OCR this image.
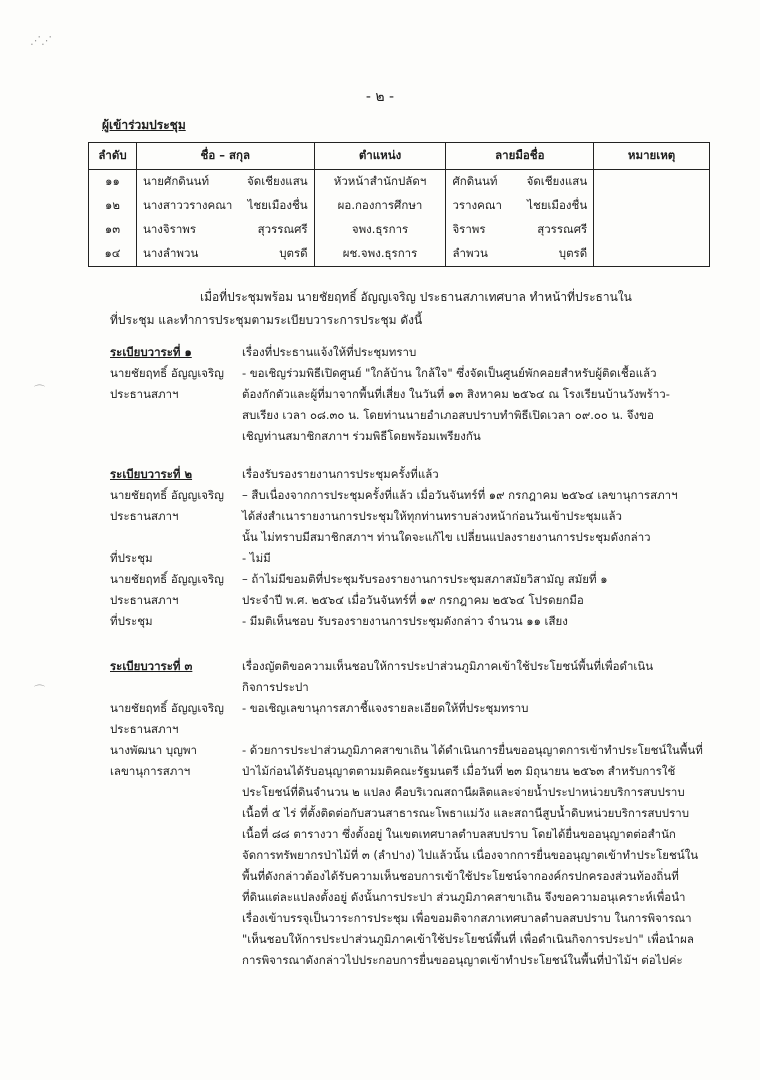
⋰⋰
⌒
⌒
- ๒ -
ผู้เข้าร่วมประชุม
ลำดับ	ชื่อ – สกุล	ตำแหน่ง	ลายมือชื่อ	หมายเหตุ
๑๑	นายศักดินนท์ จัดเชียงแสน	หัวหน้าสำนักปลัดฯ	ศักดินนท์ จัดเชียงแสน	

๑๒	นางสาววรางคณา ไชยเมืองชื่น	ผอ.กองการศึกษา	วรางคณา ไชยเมืองชื่น	

๑๓	นางจิราพร สุวรรณศรี	จพง.ธุรการ	จิราพร สุวรรณศรี	

๑๔	นางลำพวน บุตรดี	ผช.จพง.ธุรการ	ลำพวน บุตรดี	

เมื่อที่ประชุมพร้อม นายชัยฤทธิ์ อัญญเจริญ ประธานสภาเทศบาล ทำหน้าที่ประธานใน
ที่ประชุม และทำการประชุมตามระเบียบวาระการประชุม ดังนี้
ระเบียบวาระที่ ๑	เรื่องที่ประธานแจ้งให้ที่ประชุมทราบ
นายชัยฤทธิ์ อัญญเจริญ	- ขอเชิญร่วมพิธีเปิดศูนย์ "ใกล้บ้าน ใกล้ใจ" ซึ่งจัดเป็นศูนย์พักคอยสำหรับผู้ติดเชื้อแล้ว
ประธานสภาฯ	ต้องกักตัวและผู้ที่มาจากพื้นที่เสี่ยง ในวันที่ ๑๓ สิงหาคม ๒๕๖๔ ณ โรงเรียนบ้านวังพร้าว-
สบเรียง เวลา ๐๘.๓๐ น. โดยท่านนายอำเภอสบปราบทำพิธีเปิดเวลา ๐๙.๐๐ น. จึงขอ
เชิญท่านสมาชิกสภาฯ ร่วมพิธีโดยพร้อมเพรียงกัน
ระเบียบวาระที่ ๒	เรื่องรับรองรายงานการประชุมครั้งที่แล้ว
นายชัยฤทธิ์ อัญญเจริญ	– สืบเนื่องจากการประชุมครั้งที่แล้ว เมื่อวันจันทร์ที่ ๑๙ กรกฎาคม ๒๕๖๔ เลขานุการสภาฯ
ประธานสภาฯ	ได้ส่งสำเนารายงานการประชุมให้ทุกท่านทราบล่วงหน้าก่อนวันเข้าประชุมแล้ว
นั้น ไม่ทราบมีสมาชิกสภาฯ ท่านใดจะแก้ไข เปลี่ยนแปลงรายงานการประชุมดังกล่าว
ที่ประชุม	- ไม่มี
นายชัยฤทธิ์ อัญญเจริญ	– ถ้าไม่มีขอมติที่ประชุมรับรองรายงานการประชุมสภาสมัยวิสามัญ สมัยที่ ๑
ประธานสภาฯ	ประจำปี พ.ศ. ๒๕๖๔ เมื่อวันจันทร์ที่ ๑๙ กรกฎาคม ๒๕๖๔ โปรดยกมือ
ที่ประชุม	- มีมติเห็นชอบ รับรองรายงานการประชุมดังกล่าว จำนวน ๑๑ เสียง
ระเบียบวาระที่ ๓	เรื่องญัตติขอความเห็นชอบให้การประปาส่วนภูมิภาคเข้าใช้ประโยชน์พื้นที่เพื่อดำเนิน
กิจการประปา
นายชัยฤทธิ์ อัญญเจริญ	- ขอเชิญเลขานุการสภาชี้แจงรายละเอียดให้ที่ประชุมทราบ
ประธานสภาฯ
นางพัฒนา บุญพา	- ด้วยการประปาส่วนภูมิภาคสาขาเถิน ได้ดำเนินการยื่นขออนุญาตการเข้าทำประโยชน์ในพื้นที่
เลขานุการสภาฯ	ป่าไม้ก่อนได้รับอนุญาตตามมติคณะรัฐมนตรี เมื่อวันที่ ๒๓ มิถุนายน ๒๕๖๓ สำหรับการใช้
ประโยชน์ที่ดินจำนวน ๒ แปลง คือบริเวณสถานีผลิตและจ่ายน้ำประปาหน่วยบริการสบปราบ
เนื้อที่ ๕ ไร่ ที่ตั้งติดต่อกับสวนสาธารณะโพธาแม่วัง และสถานีสูบน้ำดิบหน่วยบริการสบปราบ
เนื้อที่ ๘๘ ตารางวา ซึ่งตั้งอยู่ ในเขตเทศบาลตำบลสบปราบ โดยได้ยื่นขออนุญาตต่อสำนัก
จัดการทรัพยากรป่าไม้ที่ ๓ (ลำปาง) ไปแล้วนั้น เนื่องจากการยื่นขออนุญาตเข้าทำประโยชน์ใน
พื้นที่ดังกล่าวต้องได้รับความเห็นชอบการเข้าใช้ประโยชน์จากองค์กรปกครองส่วนท้องถิ่นที่
ที่ดินแต่ละแปลงตั้งอยู่ ดังนั้นการประปา ส่วนภูมิภาคสาขาเถิน จึงขอความอนุเคราะห์เพื่อนำ
เรื่องเข้าบรรจุเป็นวาระการประชุม เพื่อขอมติจากสภาเทศบาลตำบลสบปราบ ในการพิจารณา
"เห็นชอบให้การประปาส่วนภูมิภาคเข้าใช้ประโยชน์พื้นที่ เพื่อดำเนินกิจการประปา" เพื่อนำผล
การพิจารณาดังกล่าวไปประกอบการยื่นขออนุญาตเข้าทำประโยชน์ในพื้นที่ป่าไม้ฯ ต่อไปค่ะ
